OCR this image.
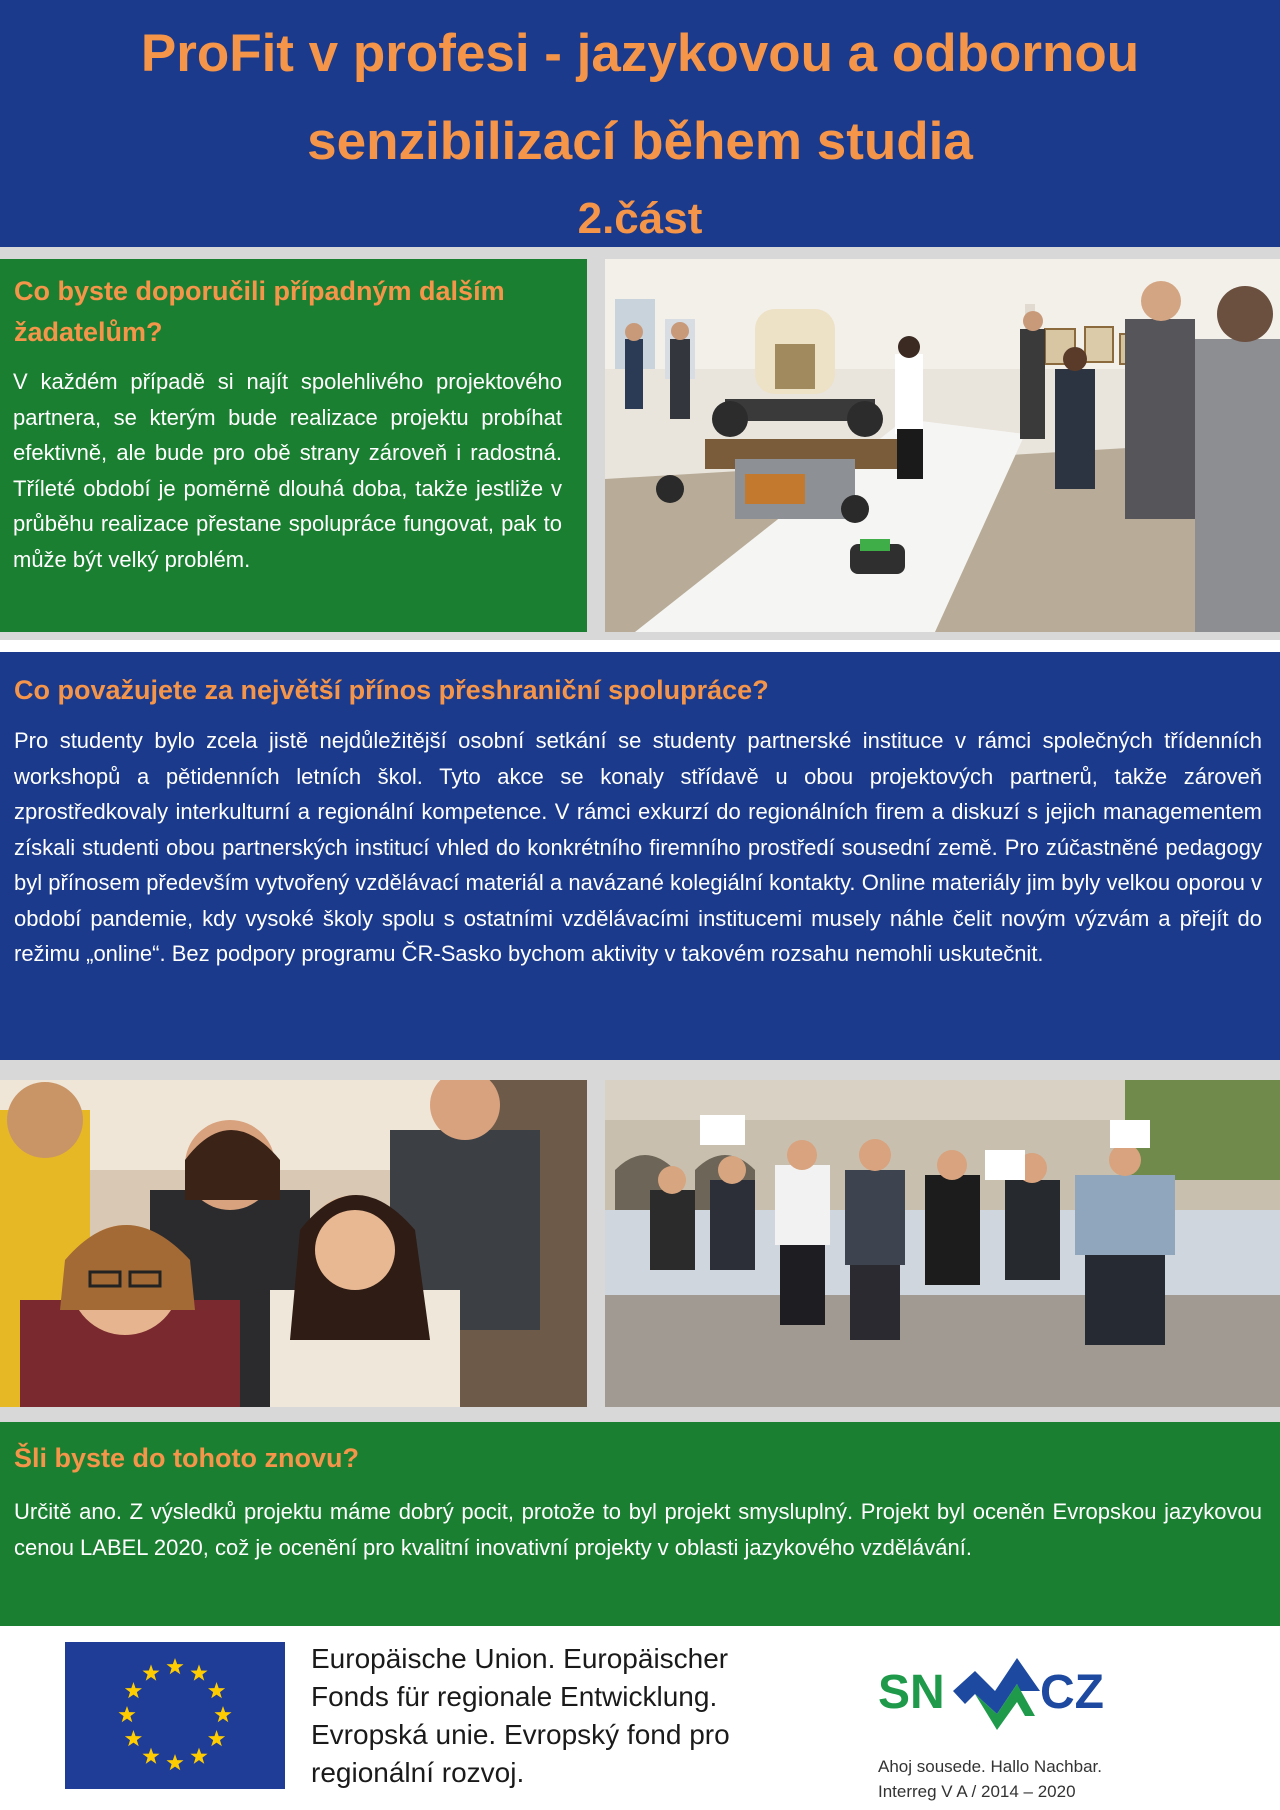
ProFit v profesi - jazykovou a odbornou
senzibilizací během studia
2.část
Co byste doporučili případným dalším žadatelům?
V každém případě si najít spolehlivého projektového partnera, se kterým bude realizace projektu probíhat efektivně, ale bude pro obě strany zároveň i radostná. Tříleté období je poměrně dlouhá doba, takže jestliže v průběhu realizace přestane spolupráce fungovat, pak to může být velký problém.
Co považujete za největší přínos přeshraniční spolupráce?
Pro studenty bylo zcela jistě nejdůležitější osobní setkání se studenty partnerské instituce v rámci společných třídenních workshopů a pětidenních letních škol. Tyto akce se konaly střídavě u obou projektových partnerů, takže zároveň zprostředkovaly interkulturní a regionální kompetence. V rámci exkurzí do regionálních firem a diskuzí s jejich managementem získali studenti obou partnerských institucí vhled do konkrétního firemního prostředí sousední země. Pro zúčastněné pedagogy byl přínosem především vytvořený vzdělávací materiál a navázané kolegiální kontakty. Online materiály jim byly velkou oporou v období pandemie, kdy vysoké školy spolu s ostatními vzdělávacími institucemi musely náhle čelit novým výzvám a přejít do režimu „online“. Bez podpory programu ČR-Sasko bychom aktivity v takovém rozsahu nemohli uskutečnit.
Šli byste do tohoto znovu?
Určitě ano. Z výsledků projektu máme dobrý pocit, protože to byl projekt smysluplný. Projekt byl oceněn Evropskou jazykovou cenou LABEL 2020, což je ocenění pro kvalitní inovativní projekty v oblasti jazykového vzdělávání.
Europäische Union. Europäischer
Fonds für regionale Entwicklung.
Evropská unie. Evropský fond pro
regionální rozvoj.
SN CZ
Ahoj sousede. Hallo Nachbar.
Interreg V A / 2014 – 2020
